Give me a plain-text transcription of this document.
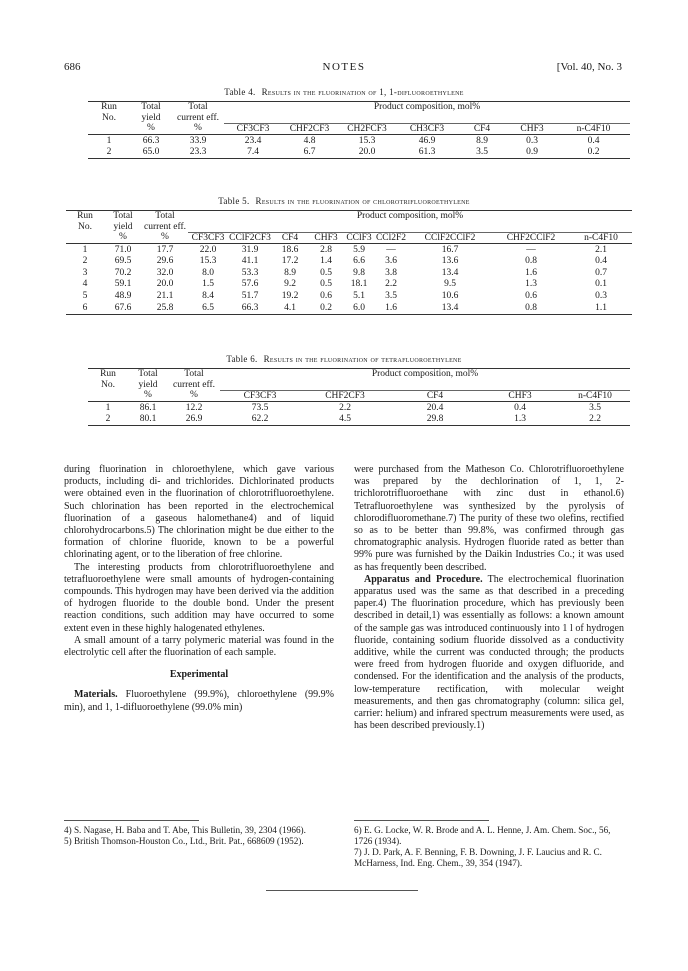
686	NOTES	[Vol. 40, No. 3
Table 4. Results in the fluorination of 1, 1-difluoroethylene
Run	Total	Total	Product composition, mol%						
No.	yield	current eff.							
	%	%	CF3CF3	CHF2CF3	CH2FCF3	CH3CF3	CF4	CHF3	n-C4F10
1	66.3	33.9	23.4	4.8	15.3	46.9	8.9	0.3	0.4
2	65.0	23.3	7.4	6.7	20.0	61.3	3.5	0.9	0.2
Table 5. Results in the fluorination of chlorotrifluoroethylene
Run	Total	Total	Product composition, mol%								
No.	yield	current eff.									
	%	%	CF3CF3	CClF2CF3	CF4	CHF3	CClF3	CCl2F2	CClF2CClF2	CHF2CClF2	n-C4F10
1	71.0	17.7	22.0	31.9	18.6	2.8	5.9	—	16.7	—	2.1
2	69.5	29.6	15.3	41.1	17.2	1.4	6.6	3.6	13.6	0.8	0.4
3	70.2	32.0	8.0	53.3	8.9	0.5	9.8	3.8	13.4	1.6	0.7
4	59.1	20.0	1.5	57.6	9.2	0.5	18.1	2.2	9.5	1.3	0.1
5	48.9	21.1	8.4	51.7	19.2	0.6	5.1	3.5	10.6	0.6	0.3
6	67.6	25.8	6.5	66.3	4.1	0.2	6.0	1.6	13.4	0.8	1.1
Table 6. Results in the fluorination of tetrafluoroethylene
Run	Total	Total	Product composition, mol%				
No.	yield	current eff.					
	%	%	CF3CF3	CHF2CF3	CF4	CHF3	n-C4F10
1	86.1	12.2	73.5	2.2	20.4	0.4	3.5
2	80.1	26.9	62.2	4.5	29.8	1.3	2.2

during fluorination in chloroethylene, which gave various products, including di- and trichlorides. Dichlorinated products were obtained even in the fluorination of chlorotrifluoroethylene. Such chlorination has been reported in the electrochemical fluorination of a gaseous halomethane4) and of liquid chlorohydrocarbons.5) The chlorination might be due either to the formation of chlorine fluoride, known to be a powerful chlorinating agent, or to the liberation of free chlorine.

The interesting products from chlorotrifluoroethylene and tetrafluoroethylene were small amounts of hydrogen-containing compounds. This hydrogen may have been derived via the addition of hydrogen fluoride to the double bond. Under the present reaction conditions, such addition may have occurred to some extent even in these highly halogenated ethylenes.

A small amount of a tarry polymeric material was found in the electrolytic cell after the fluorination of each sample.

Experimental

Materials. Fluoroethylene (99.9%), chloroethylene (99.9% min), and 1, 1-difluoroethylene (99.0% min)

4) S. Nagase, H. Baba and T. Abe, This Bulletin, 39, 2304 (1966).

5) British Thomson-Houston Co., Ltd., Brit. Pat., 668609 (1952).

were purchased from the Matheson Co. Chlorotrifluoroethylene was prepared by the dechlorination of 1, 1, 2-trichlorotrifluoroethane with zinc dust in ethanol.6) Tetrafluoroethylene was synthesized by the pyrolysis of chlorodifluoromethane.7) The purity of these two olefins, rectified so as to be better than 99.8%, was confirmed through gas chromatographic analysis. Hydrogen fluoride rated as better than 99% pure was furnished by the Daikin Industries Co.; it was used as has frequently been described.

Apparatus and Procedure. The electrochemical fluorination apparatus used was the same as that described in a preceding paper.4) The fluorination procedure, which has previously been described in detail,1) was essentially as follows: a known amount of the sample gas was introduced continuously into 1 l of hydrogen fluoride, containing sodium fluoride dissolved as a conductivity additive, while the current was conducted through; the products were freed from hydrogen fluoride and oxygen difluoride, and condensed. For the identification and the analysis of the products, low-temperature rectification, with molecular weight measurements, and then gas chromatography (column: silica gel, carrier: helium) and infrared spectrum measurements were used, as has been described previously.1)

6) E. G. Locke, W. R. Brode and A. L. Henne, J. Am. Chem. Soc., 56, 1726 (1934).

7) J. D. Park, A. F. Benning, F. B. Downing, J. F. Laucius and R. C. McHarness, Ind. Eng. Chem., 39, 354 (1947).
